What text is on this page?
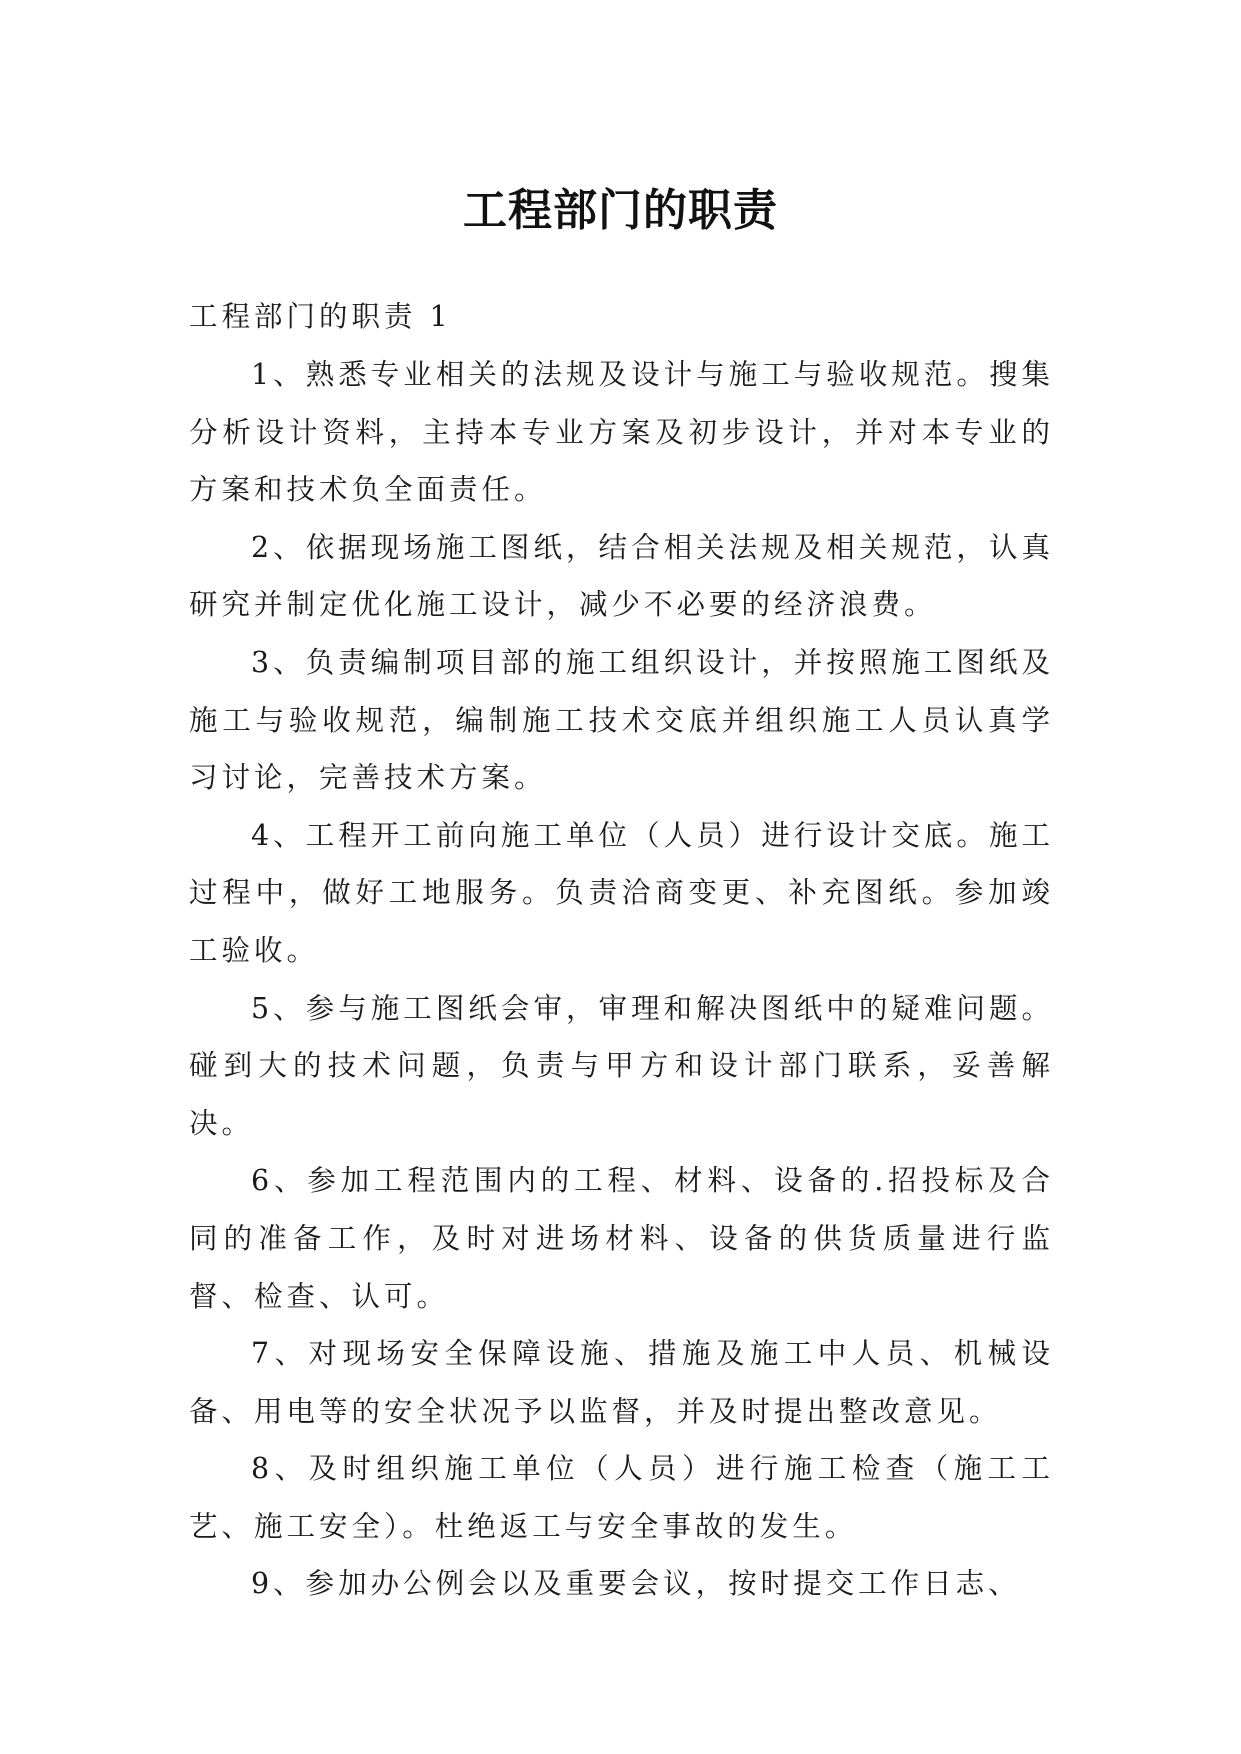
工程部门的职责
工程部门的职责 1

1、熟悉专业相关的法规及设计与施工与验收规范。搜集分析设计资料，主持本专业方案及初步设计，并对本专业的方案和技术负全面责任。

2、依据现场施工图纸，结合相关法规及相关规范，认真研究并制定优化施工设计，减少不必要的经济浪费。

3、负责编制项目部的施工组织设计，并按照施工图纸及施工与验收规范，编制施工技术交底并组织施工人员认真学习讨论，完善技术方案。

4、工程开工前向施工单位（人员）进行设计交底。施工过程中，做好工地服务。负责洽商变更、补充图纸。参加竣工验收。

5、参与施工图纸会审，审理和解决图纸中的疑难问题。碰到大的技术问题，负责与甲方和设计部门联系，妥善解决。

6、参加工程范围内的工程、材料、设备的.招投标及合同的准备工作，及时对进场材料、设备的供货质量进行监督、检查、认可。

7、对现场安全保障设施、措施及施工中人员、机械设备、用电等的安全状况予以监督，并及时提出整改意见。

8、及时组织施工单位（人员）进行施工检查（施工工艺、施工安全）。杜绝返工与安全事故的发生。

9、参加办公例会以及重要会议，按时提交工作日志、
